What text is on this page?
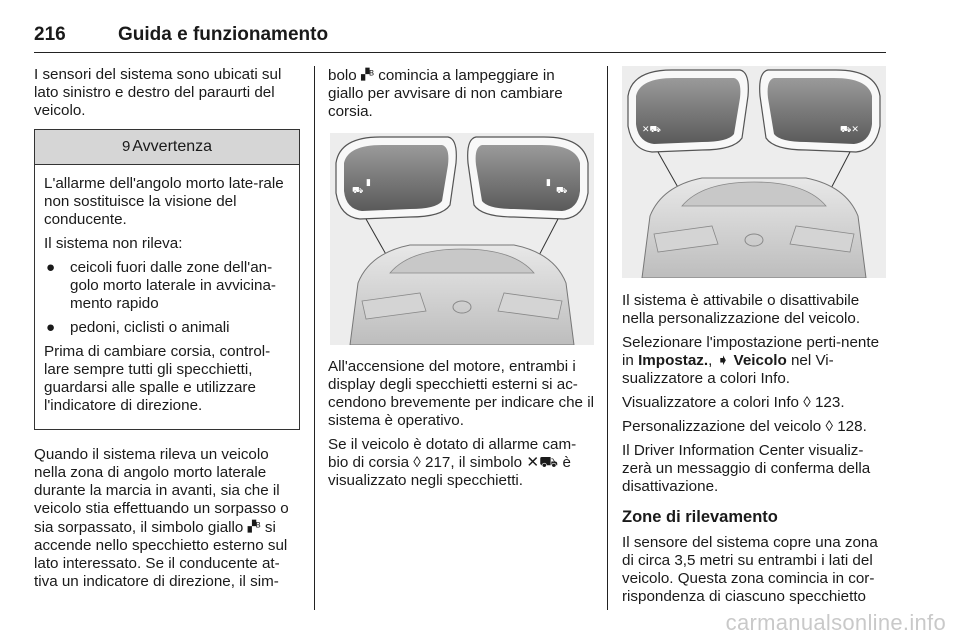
216	Guida e funzionamento

I sensori del sistema sono ubicati sul lato sinistro e destro del paraurti del veicolo.

9 Avvertenza

L'allarme dell'angolo morto late-rale non sostituisce la visione del conducente.

Il sistema non rileva:

● ceicoli fuori dalle zone dell'an-golo morto laterale in avvicina-mento rapido
● pedoni, ciclisti o animali

Prima di cambiare corsia, control-lare sempre tutti gli specchietti, guardarsi alle spalle e utilizzare l'indicatore di direzione.

Quando il sistema rileva un veicolo nella zona di angolo morto laterale durante la marcia in avanti, sia che il veicolo stia effettuando un sorpasso o sia sorpassato, il simbolo giallo ▞ᴮ si accende nello specchietto esterno sul lato interessato. Se il conducente at-tiva un indicatore di direzione, il sim-

bolo ▞ᴮ comincia a lampeggiare in giallo per avvisare di non cambiare corsia.

⛟
▮
⛟
▮

All'accensione del motore, entrambi i display degli specchietti esterni si ac-cendono brevemente per indicare che il sistema è operativo.

Se il veicolo è dotato di allarme cam-bio di corsia ◊ 217, il simbolo ✕⛟ è visualizzato negli specchietti.

✕⛟	⛟✕

Il sistema è attivabile o disattivabile nella personalizzazione del veicolo.

Selezionare l'impostazione perti-nente in Impostaz., ➧ Veicolo nel Vi-sualizzatore a colori Info.

Visualizzatore a colori Info ◊ 123.

Personalizzazione del veicolo ◊ 128.

Il Driver Information Center visualiz-zerà un messaggio di conferma della disattivazione.

Zone di rilevamento

Il sensore del sistema copre una zona di circa 3,5 metri su entrambi i lati del veicolo. Questa zona comincia in cor-rispondenza di ciascuno specchietto

carmanualsonline.info
